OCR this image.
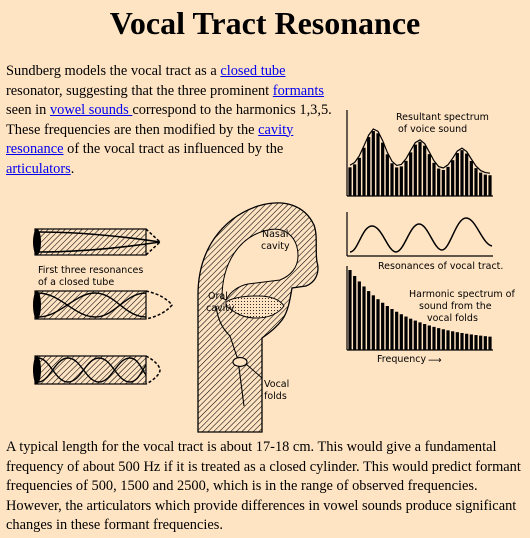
Vocal Tract Resonance
Sundberg models the vocal tract as a closed tube resonator, suggesting that the three prominent formants seen in vowel sounds correspond to the harmonics 1,3,5. These frequencies are then modified by the cavity resonance of the vocal tract as influenced by the articulators.
First three resonances
of a closed tube
Nasal
cavity
Oral
cavity
Vocal
folds
Resultant spectrum
of voice sound
Resonances of vocal tract.
Harmonic spectrum of
sound from the
vocal folds
Frequency ⟶
A typical length for the vocal tract is about 17-18 cm. This would give a fundamental frequency of about 500 Hz if it is treated as a closed cylinder. This would predict formant frequencies of 500, 1500 and 2500, which is in the range of observed frequencies. However, the articulators which provide differences in vowel sounds produce significant changes in these formant frequencies.
